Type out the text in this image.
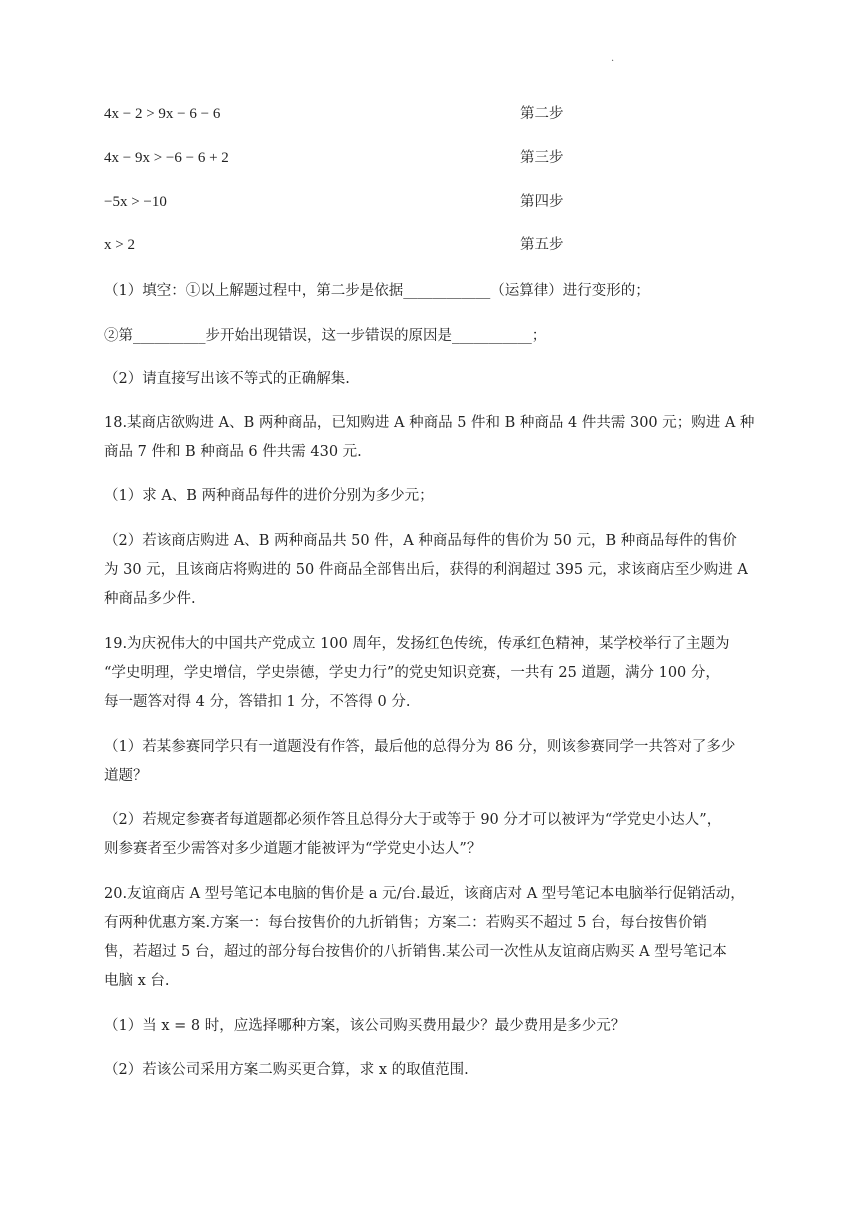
·
4x − 2 > 9x − 6 − 6	第二步
4x − 9x > −6 − 6 + 2	第三步
−5x > −10	第四步
x > 2	第五步
（1）填空：①以上解题过程中，第二步是依据____________（运算律）进行变形的；
②第__________步开始出现错误，这一步错误的原因是___________；
（2）请直接写出该不等式的正确解集.
18.某商店欲购进 A、B 两种商品，已知购进 A 种商品 5 件和 B 种商品 4 件共需 300 元；购进 A 种
商品 7 件和 B 种商品 6 件共需 430 元.
（1）求 A、B 两种商品每件的进价分别为多少元；
（2）若该商店购进 A、B 两种商品共 50 件，A 种商品每件的售价为 50 元，B 种商品每件的售价
为 30 元，且该商店将购进的 50 件商品全部售出后，获得的利润超过 395 元，求该商店至少购进 A
种商品多少件.
19.为庆祝伟大的中国共产党成立 100 周年，发扬红色传统，传承红色精神，某学校举行了主题为
“学史明理，学史增信，学史崇德，学史力行”的党史知识竞赛，一共有 25 道题，满分 100 分，
每一题答对得 4 分，答错扣 1 分，不答得 0 分.
（1）若某参赛同学只有一道题没有作答，最后他的总得分为 86 分，则该参赛同学一共答对了多少
道题？
（2）若规定参赛者每道题都必须作答且总得分大于或等于 90 分才可以被评为“学党史小达人”，
则参赛者至少需答对多少道题才能被评为“学党史小达人”？
20.友谊商店 A 型号笔记本电脑的售价是 a 元/台.最近，该商店对 A 型号笔记本电脑举行促销活动，
有两种优惠方案.方案一：每台按售价的九折销售；方案二：若购买不超过 5 台，每台按售价销
售，若超过 5 台，超过的部分每台按售价的八折销售.某公司一次性从友谊商店购买 A 型号笔记本
电脑 x 台.
（1）当 x = 8 时，应选择哪种方案，该公司购买费用最少？最少费用是多少元？
（2）若该公司采用方案二购买更合算，求 x 的取值范围.
